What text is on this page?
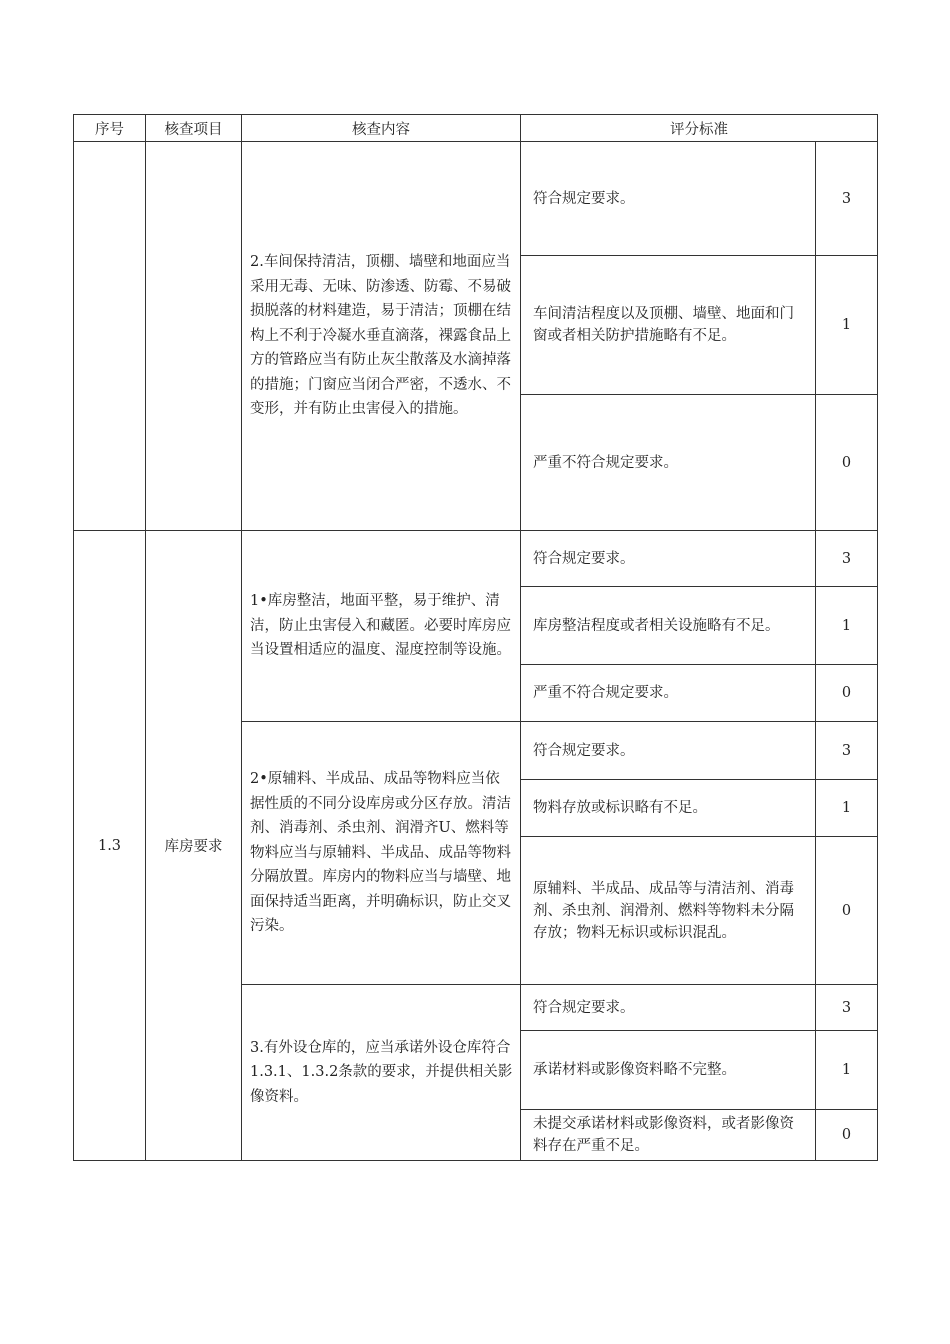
序号	核查项目	核查内容	评分标准	
		2.车间保持清洁，顶棚、墙壁和地面应当采用无毒、无味、防渗透、防霉、不易破损脱落的材料建造，易于清洁；顶棚在结构上不利于冷凝水垂直滴落，裸露食品上方的管路应当有防止灰尘散落及水滴掉落的措施；门窗应当闭合严密，不透水、不变形，并有防止虫害侵入的措施。	符合规定要求。	3
			车间清洁程度以及顶棚、墙壁、地面和门窗或者相关防护措施略有不足。	1
			严重不符合规定要求。	0
1.3	库房要求	1•库房整洁，地面平整，易于维护、清洁，防止虫害侵入和藏匿。必要时库房应当设置相适应的温度、湿度控制等设施。	符合规定要求。	3
			库房整洁程度或者相关设施略有不足。	1
			严重不符合规定要求。	0
		2•原辅料、半成品、成品等物料应当依据性质的不同分设库房或分区存放。清洁剂、消毒剂、杀虫剂、润滑齐U、燃料等物料应当与原辅料、半成品、成品等物料分隔放置。库房内的物料应当与墙壁、地面保持适当距离，并明确标识，防止交叉污染。	符合规定要求。	3
			物料存放或标识略有不足。	1
			原辅料、半成品、成品等与清洁剂、消毒剂、杀虫剂、润滑剂、燃料等物料未分隔存放；物料无标识或标识混乱。	0
		3.有外设仓库的，应当承诺外设仓库符合1.3.1、1.3.2条款的要求，并提供相关影像资料。	符合规定要求。	3
			承诺材料或影像资料略不完整。	1
			未提交承诺材料或影像资料，或者影像资料存在严重不足。	0
